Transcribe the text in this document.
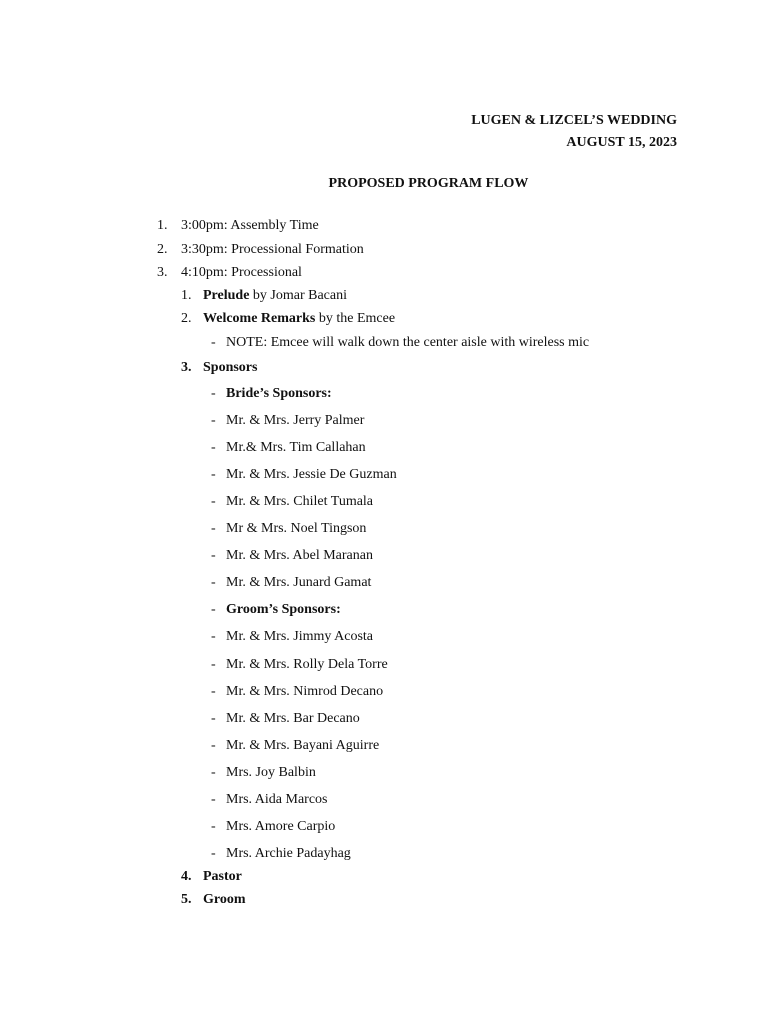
LUGEN & LIZCEL’S WEDDING
AUGUST 15, 2023
PROPOSED PROGRAM FLOW
1. 3:00pm: Assembly Time
2. 3:30pm: Processional Formation
3. 4:10pm: Processional
1. Prelude by Jomar Bacani
2. Welcome Remarks by the Emcee
- NOTE: Emcee will walk down the center aisle with wireless mic
3. Sponsors
- Bride’s Sponsors:
- Mr. & Mrs. Jerry Palmer
- Mr.& Mrs. Tim Callahan
- Mr. & Mrs. Jessie De Guzman
- Mr. & Mrs. Chilet Tumala
- Mr & Mrs. Noel Tingson
- Mr. & Mrs. Abel Maranan
- Mr. & Mrs. Junard Gamat
- Groom’s Sponsors:
- Mr. & Mrs. Jimmy Acosta
- Mr. & Mrs. Rolly Dela Torre
- Mr. & Mrs. Nimrod Decano
- Mr. & Mrs. Bar Decano
- Mr. & Mrs. Bayani Aguirre
- Mrs. Joy Balbin
- Mrs. Aida Marcos
- Mrs. Amore Carpio
- Mrs. Archie Padayhag
4. Pastor
5. Groom
